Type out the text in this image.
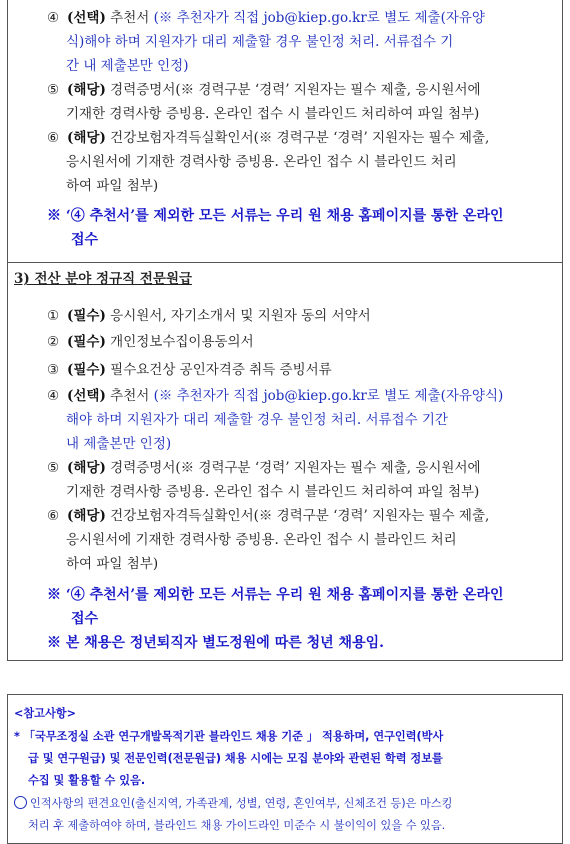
④ (선택) 추천서 (※ 추천자가 직접 job@kiep.go.kr로 별도 제출(자유양
식)해야 하며 지원자가 대리 제출할 경우 불인정 처리. 서류접수 기
간 내 제출본만 인정)
⑤ (해당) 경력증명서(※ 경력구분 ‘경력’ 지원자는 필수 제출, 응시원서에
기재한 경력사항 증빙용. 온라인 접수 시 블라인드 처리하여 파일 첨부)
⑥ (해당) 건강보험자격득실확인서(※ 경력구분 ‘경력’ 지원자는 필수 제출,
응시원서에 기재한 경력사항 증빙용. 온라인 접수 시 블라인드 처리
하여 파일 첨부)
※ ‘④ 추천서’를 제외한 모든 서류는 우리 원 채용 홈페이지를 통한 온라인
접수
3) 전산 분야 정규직 전문원급
① (필수) 응시원서, 자기소개서 및 지원자 동의 서약서
② (필수) 개인정보수집이용동의서
③ (필수) 필수요건상 공인자격증 취득 증빙서류
④ (선택) 추천서 (※ 추천자가 직접 job@kiep.go.kr로 별도 제출(자유양식)
해야 하며 지원자가 대리 제출할 경우 불인정 처리. 서류접수 기간
내 제출본만 인정)
⑤ (해당) 경력증명서(※ 경력구분 ‘경력’ 지원자는 필수 제출, 응시원서에
기재한 경력사항 증빙용. 온라인 접수 시 블라인드 처리하여 파일 첨부)
⑥ (해당) 건강보험자격득실확인서(※ 경력구분 ‘경력’ 지원자는 필수 제출,
응시원서에 기재한 경력사항 증빙용. 온라인 접수 시 블라인드 처리
하여 파일 첨부)
※ ‘④ 추천서’를 제외한 모든 서류는 우리 원 채용 홈페이지를 통한 온라인
접수
※ 본 채용은 정년퇴직자 별도정원에 따른 청년 채용임.
<참고사항>
* 「국무조정실 소관 연구개발목적기관 블라인드 채용 기준 」 적용하며, 연구인력(박사
급 및 연구원급) 및 전문인력(전문원급) 채용 시에는 모집 분야와 관련된 학력 정보를
수집 및 활용할 수 있음.
인적사항의 편견요인(출신지역, 가족관계, 성별, 연령, 혼인여부, 신체조건 등)은 마스킹
처리 후 제출하여야 하며, 블라인드 채용 가이드라인 미준수 시 불이익이 있을 수 있음.
